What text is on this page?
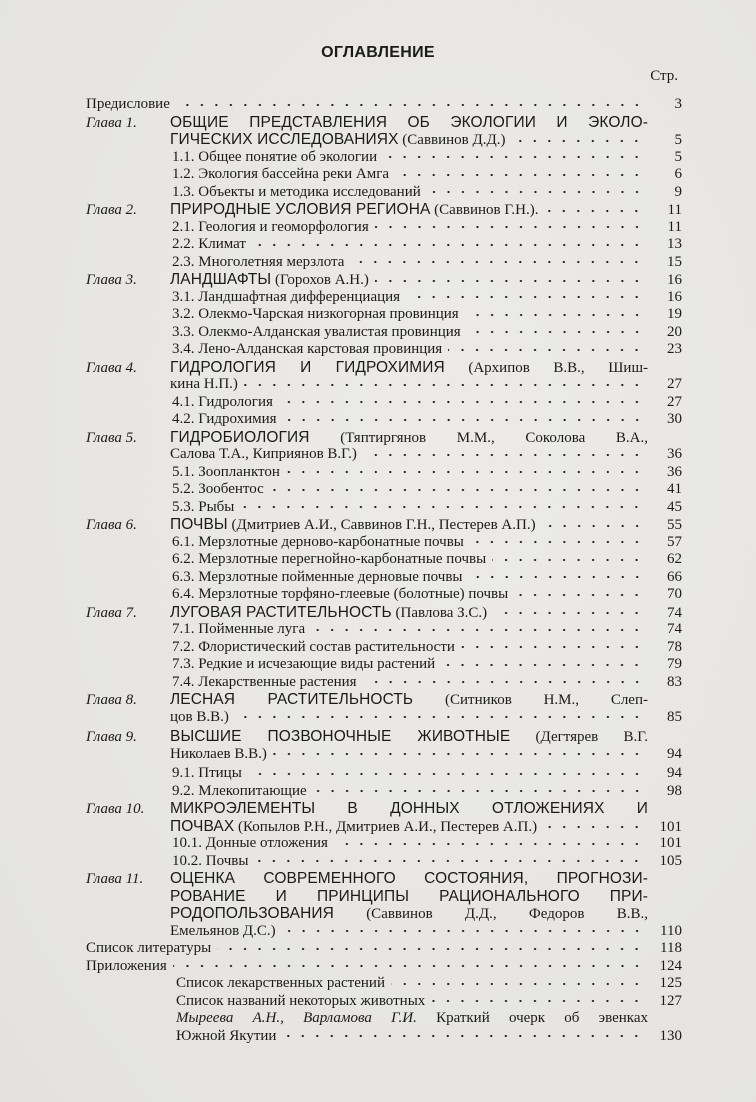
ОГЛАВЛЕНИЕ
Стр.
Предисловие	3
Глава 1.	ОБЩИЕ ПРЕДСТАВЛЕНИЯ ОБ ЭКОЛОГИИ И ЭКОЛО-
ГИЧЕСКИХ ИССЛЕДОВАНИЯХ (Саввинов Д.Д.)	5
1.1. Общее понятие об экологии	5
1.2. Экология бассейна реки Амга	6
1.3. Объекты и методика исследований	9
Глава 2.	ПРИРОДНЫЕ УСЛОВИЯ РЕГИОНА (Саввинов Г.Н.).	11
2.1. Геология и геоморфология	11
2.2. Климат	13
2.3. Многолетняя мерзлота	15
Глава 3.	ЛАНДШАФТЫ (Горохов А.Н.)	16
3.1. Ландшафтная дифференциация	16
3.2. Олекмо-Чарская низкогорная провинция	19
3.3. Олекмо-Алданская увалистая провинция	20
3.4. Лено-Алданская карстовая провинция	23
Глава 4.	ГИДРОЛОГИЯ И ГИДРОХИМИЯ (Архипов В.В., Шиш-
кина Н.П.)	27
4.1. Гидрология	27
4.2. Гидрохимия	30
Глава 5.	ГИДРОБИОЛОГИЯ (Тяптиргянов М.М., Соколова В.А.,
Салова Т.А., Киприянов В.Г.)	36
5.1. Зоопланктон	36
5.2. Зообентос	41
5.3. Рыбы	45
Глава 6.	ПОЧВЫ (Дмитриев А.И., Саввинов Г.Н., Пестерев А.П.)	55
6.1. Мерзлотные дерново-карбонатные почвы	57
6.2. Мерзлотные перегнойно-карбонатные почвы	62
6.3. Мерзлотные пойменные дерновые почвы	66
6.4. Мерзлотные торфяно-глеевые (болотные) почвы	70
Глава 7.	ЛУГОВАЯ РАСТИТЕЛЬНОСТЬ (Павлова З.С.)	74
7.1. Пойменные луга	74
7.2. Флористический состав растительности	78
7.3. Редкие и исчезающие виды растений	79
7.4. Лекарственные растения	83
Глава 8.	ЛЕСНАЯ РАСТИТЕЛЬНОСТЬ (Ситников Н.М., Слеп-
цов В.В.)	85
Глава 9.	ВЫСШИЕ ПОЗВОНОЧНЫЕ ЖИВОТНЫЕ (Дегтярев В.Г.
Николаев В.В.)	94
9.1. Птицы	94
9.2. Млекопитающие	98
Глава 10.	МИКРОЭЛЕМЕНТЫ В ДОННЫХ ОТЛОЖЕНИЯХ И
ПОЧВАХ (Копылов Р.Н., Дмитриев А.И., Пестерев А.П.)	101
10.1. Донные отложения	101
10.2. Почвы	105
Глава 11.	ОЦЕНКА СОВРЕМЕННОГО СОСТОЯНИЯ, ПРОГНОЗИ-
РОВАНИЕ И ПРИНЦИПЫ РАЦИОНАЛЬНОГО ПРИ-
РОДОПОЛЬЗОВАНИЯ (Саввинов Д.Д., Федоров В.В.,
Емельянов Д.С.)	110
Список литературы	118
Приложения	124
Список лекарственных растений	125
Список названий некоторых животных	127
Мыреева А.Н., Варламова Г.И. Краткий очерк об эвенках
Южной Якутии	130
